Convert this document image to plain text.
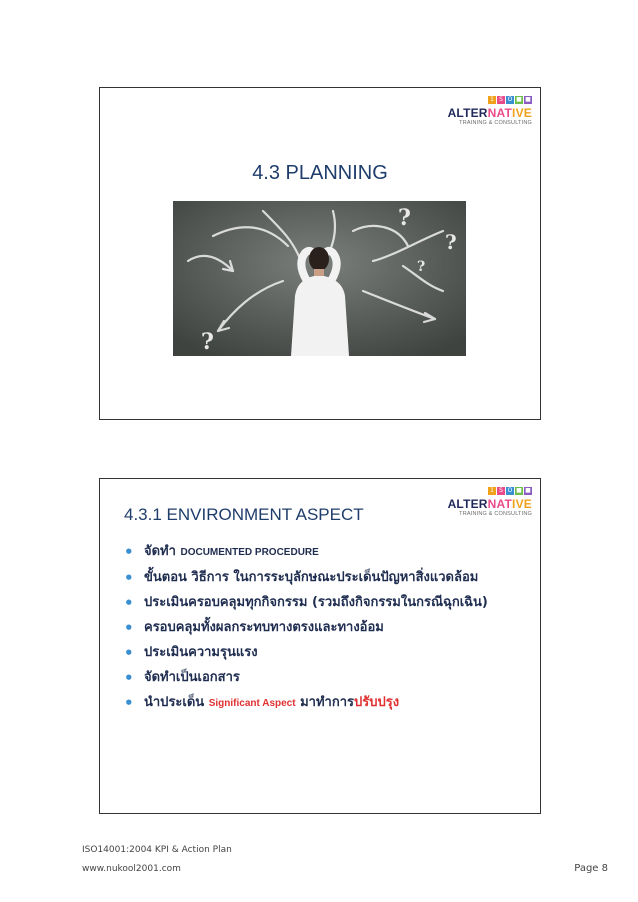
1 S O ■ ■
ALTERNATIVE
TRAINING & CONSULTING
4.3 PLANNING
?
?
?
?
1 S O ■ ■
ALTERNATIVE
TRAINING & CONSULTING
4.3.1 ENVIRONMENT ASPECT
• จัดทำ DOCUMENTED PROCEDURE
• ขั้นตอน วิธีการ ในการระบุลักษณะประเด็นปัญหาสิ่งแวดล้อม
• ประเมินครอบคลุมทุกกิจกรรม (รวมถึงกิจกรรมในกรณีฉุกเฉิน)
• ครอบคลุมทั้งผลกระทบทางตรงและทางอ้อม
• ประเมินความรุนแรง
• จัดทำเป็นเอกสาร
• นำประเด็น Significant Aspect มาทำการปรับปรุง
ISO14001:2004 KPI & Action Plan
www.nukool2001.com	Page 8
